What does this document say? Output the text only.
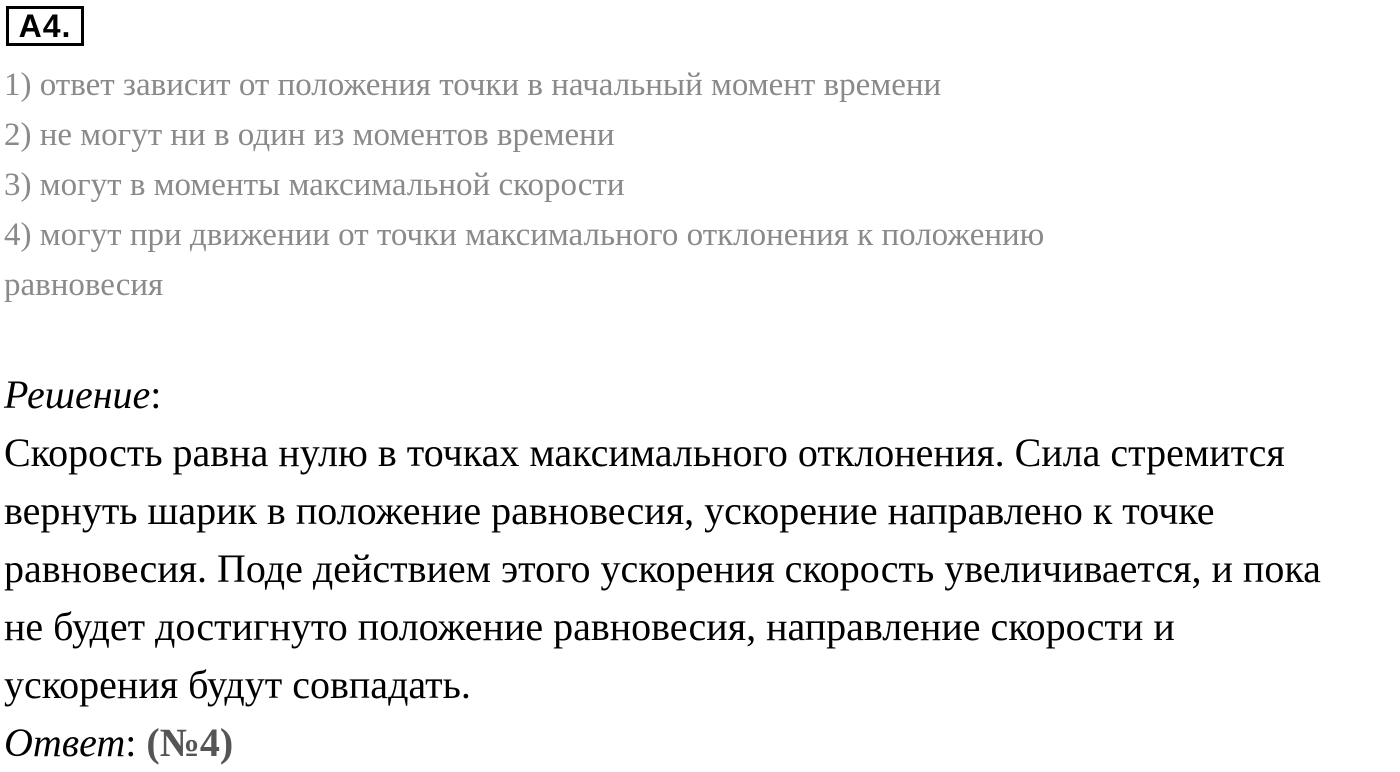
A4.
1) ответ зависит от положения точки в начальный момент времени
2) не могут ни в один из моментов времени
3) могут в моменты максимальной скорости
4) могут при движении от точки максимального отклонения к положению
равновесия
Решение:
Скорость равна нулю в точках максимального отклонения. Сила стремится
вернуть шарик в положение равновесия, ускорение направлено к точке
равновесия. Поде действием этого ускорения скорость увеличивается, и пока
не будет достигнуто положение равновесия, направление скорости и
ускорения будут совпадать.
Ответ: (№4)
